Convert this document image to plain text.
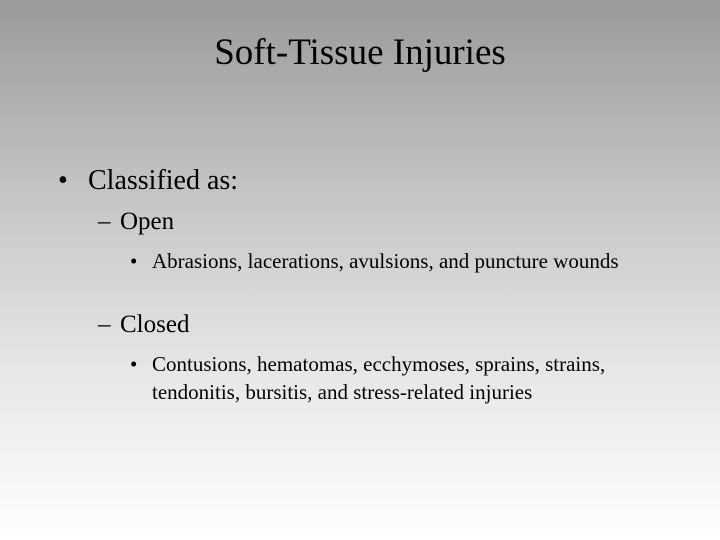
Soft-Tissue Injuries
• Classified as:
– Open
• Abrasions, lacerations, avulsions, and puncture wounds
– Closed
• Contusions, hematomas, ecchymoses, sprains, strains, tendonitis, bursitis, and stress-related injuries
